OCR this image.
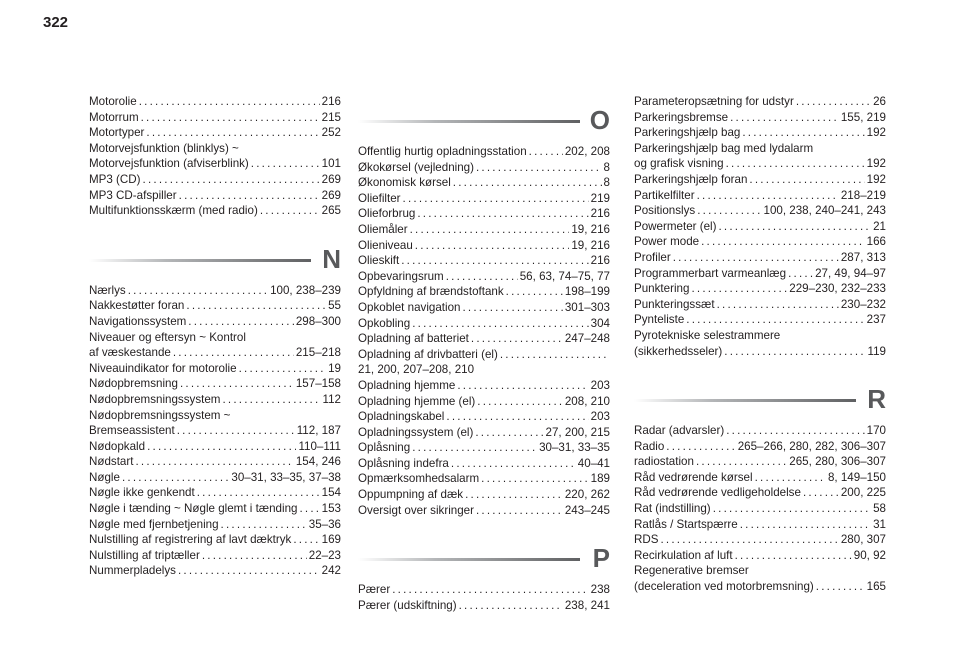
322
Motorolie . . .	216
Motorrum . . .	215
Motortyper . . .	252
Motorvejsfunktion (blinklys) ~
Motorvejsfunktion (afviserblink) . . .	101
MP3 (CD) . . .	269
MP3 CD-afspiller . . .	269
Multifunktionsskærm (med radio) . . .	265
N
Nærlys . . .	100, 238–239
Nakkestøtter foran . . .	55
Navigationssystem . . .	298–300
Niveauer og eftersyn ~ Kontrol
af væskestande . . .	215–218
Niveauindikator for motorolie . . .	19
Nødopbremsning . . .	157–158
Nødopbremsningssystem . . .	112
Nødopbremsningssystem ~
Bremseassistent . . .	112, 187
Nødopkald . . .	110–111
Nødstart . . .	154, 246
Nøgle . . .	30–31, 33–35, 37–38
Nøgle ikke genkendt . . .	154
Nøgle i tænding ~ Nøgle glemt i tænding . . . 153
Nøgle med fjernbetjening . . .	35–36
Nulstilling af registrering af lavt dæktryk . . .	169
Nulstilling af triptæller . . .	22–23
Nummerpladelys . . .	242
O
Offentlig hurtig opladningsstation . . .	202, 208
Økokørsel (vejledning) . . .	8
Økonomisk kørsel . . .	8
Oliefilter . . .	219
Olieforbrug . . .	216
Oliemåler . . .	19, 216
Olieniveau . . .	19, 216
Olieskift . . .	216
Opbevaringsrum . . .	56, 63, 74–75, 77
Opfyldning af brændstoftank . . .	198–199
Opkoblet navigation . . .	301–303
Opkobling . . .	304
Opladning af batteriet . . .	247–248
Opladning af drivbatteri (el)
. . .
21, 200, 207–208, 210
Opladning hjemme . . .	203
Opladning hjemme (el) . . .	208, 210
Opladningskabel . . .	203
Opladningssystem (el) . . .	27, 200, 215
Oplåsning . . .	30–31, 33–35
Oplåsning indefra . . .	40–41
Opmærksomhedsalarm . . .	189
Oppumpning af dæk . . .	220, 262
Oversigt over sikringer . . .	243–245
P
Pærer . . .	238
Pærer (udskiftning) . . .	238, 241
Parameteropsætning for udstyr . . .	26
Parkeringsbremse . . .	155, 219
Parkeringshjælp bag . . .	192
Parkeringshjælp bag med lydalarm
og grafisk visning . . .	192
Parkeringshjælp foran . . .	192
Partikelfilter . . .	218–219
Positionslys . . .	100, 238, 240–241, 243
Powermeter (el) . . .	21
Power mode . . .	166
Profiler . . .	287, 313
Programmerbart varmeanlæg . . .	27, 49, 94–97
Punktering . . .	229–230, 232–233
Punkteringssæt . . .	230–232
Pynteliste . . .	237
Pyrotekniske selestrammere
(sikkerhedsseler) . . .	119
R
Radar (advarsler) . . .	170
Radio . . .	265–266, 280, 282, 306–307
radiostation . . .	265, 280, 306–307
Råd vedrørende kørsel . . .	8, 149–150
Råd vedrørende vedligeholdelse . . .	200, 225
Rat (indstilling) . . .	58
Ratlås / Startspærre . . .	31
RDS . . .	280, 307
Recirkulation af luft . . .	90, 92
Regenerative bremser
(deceleration ved motorbremsning) . . .	165
